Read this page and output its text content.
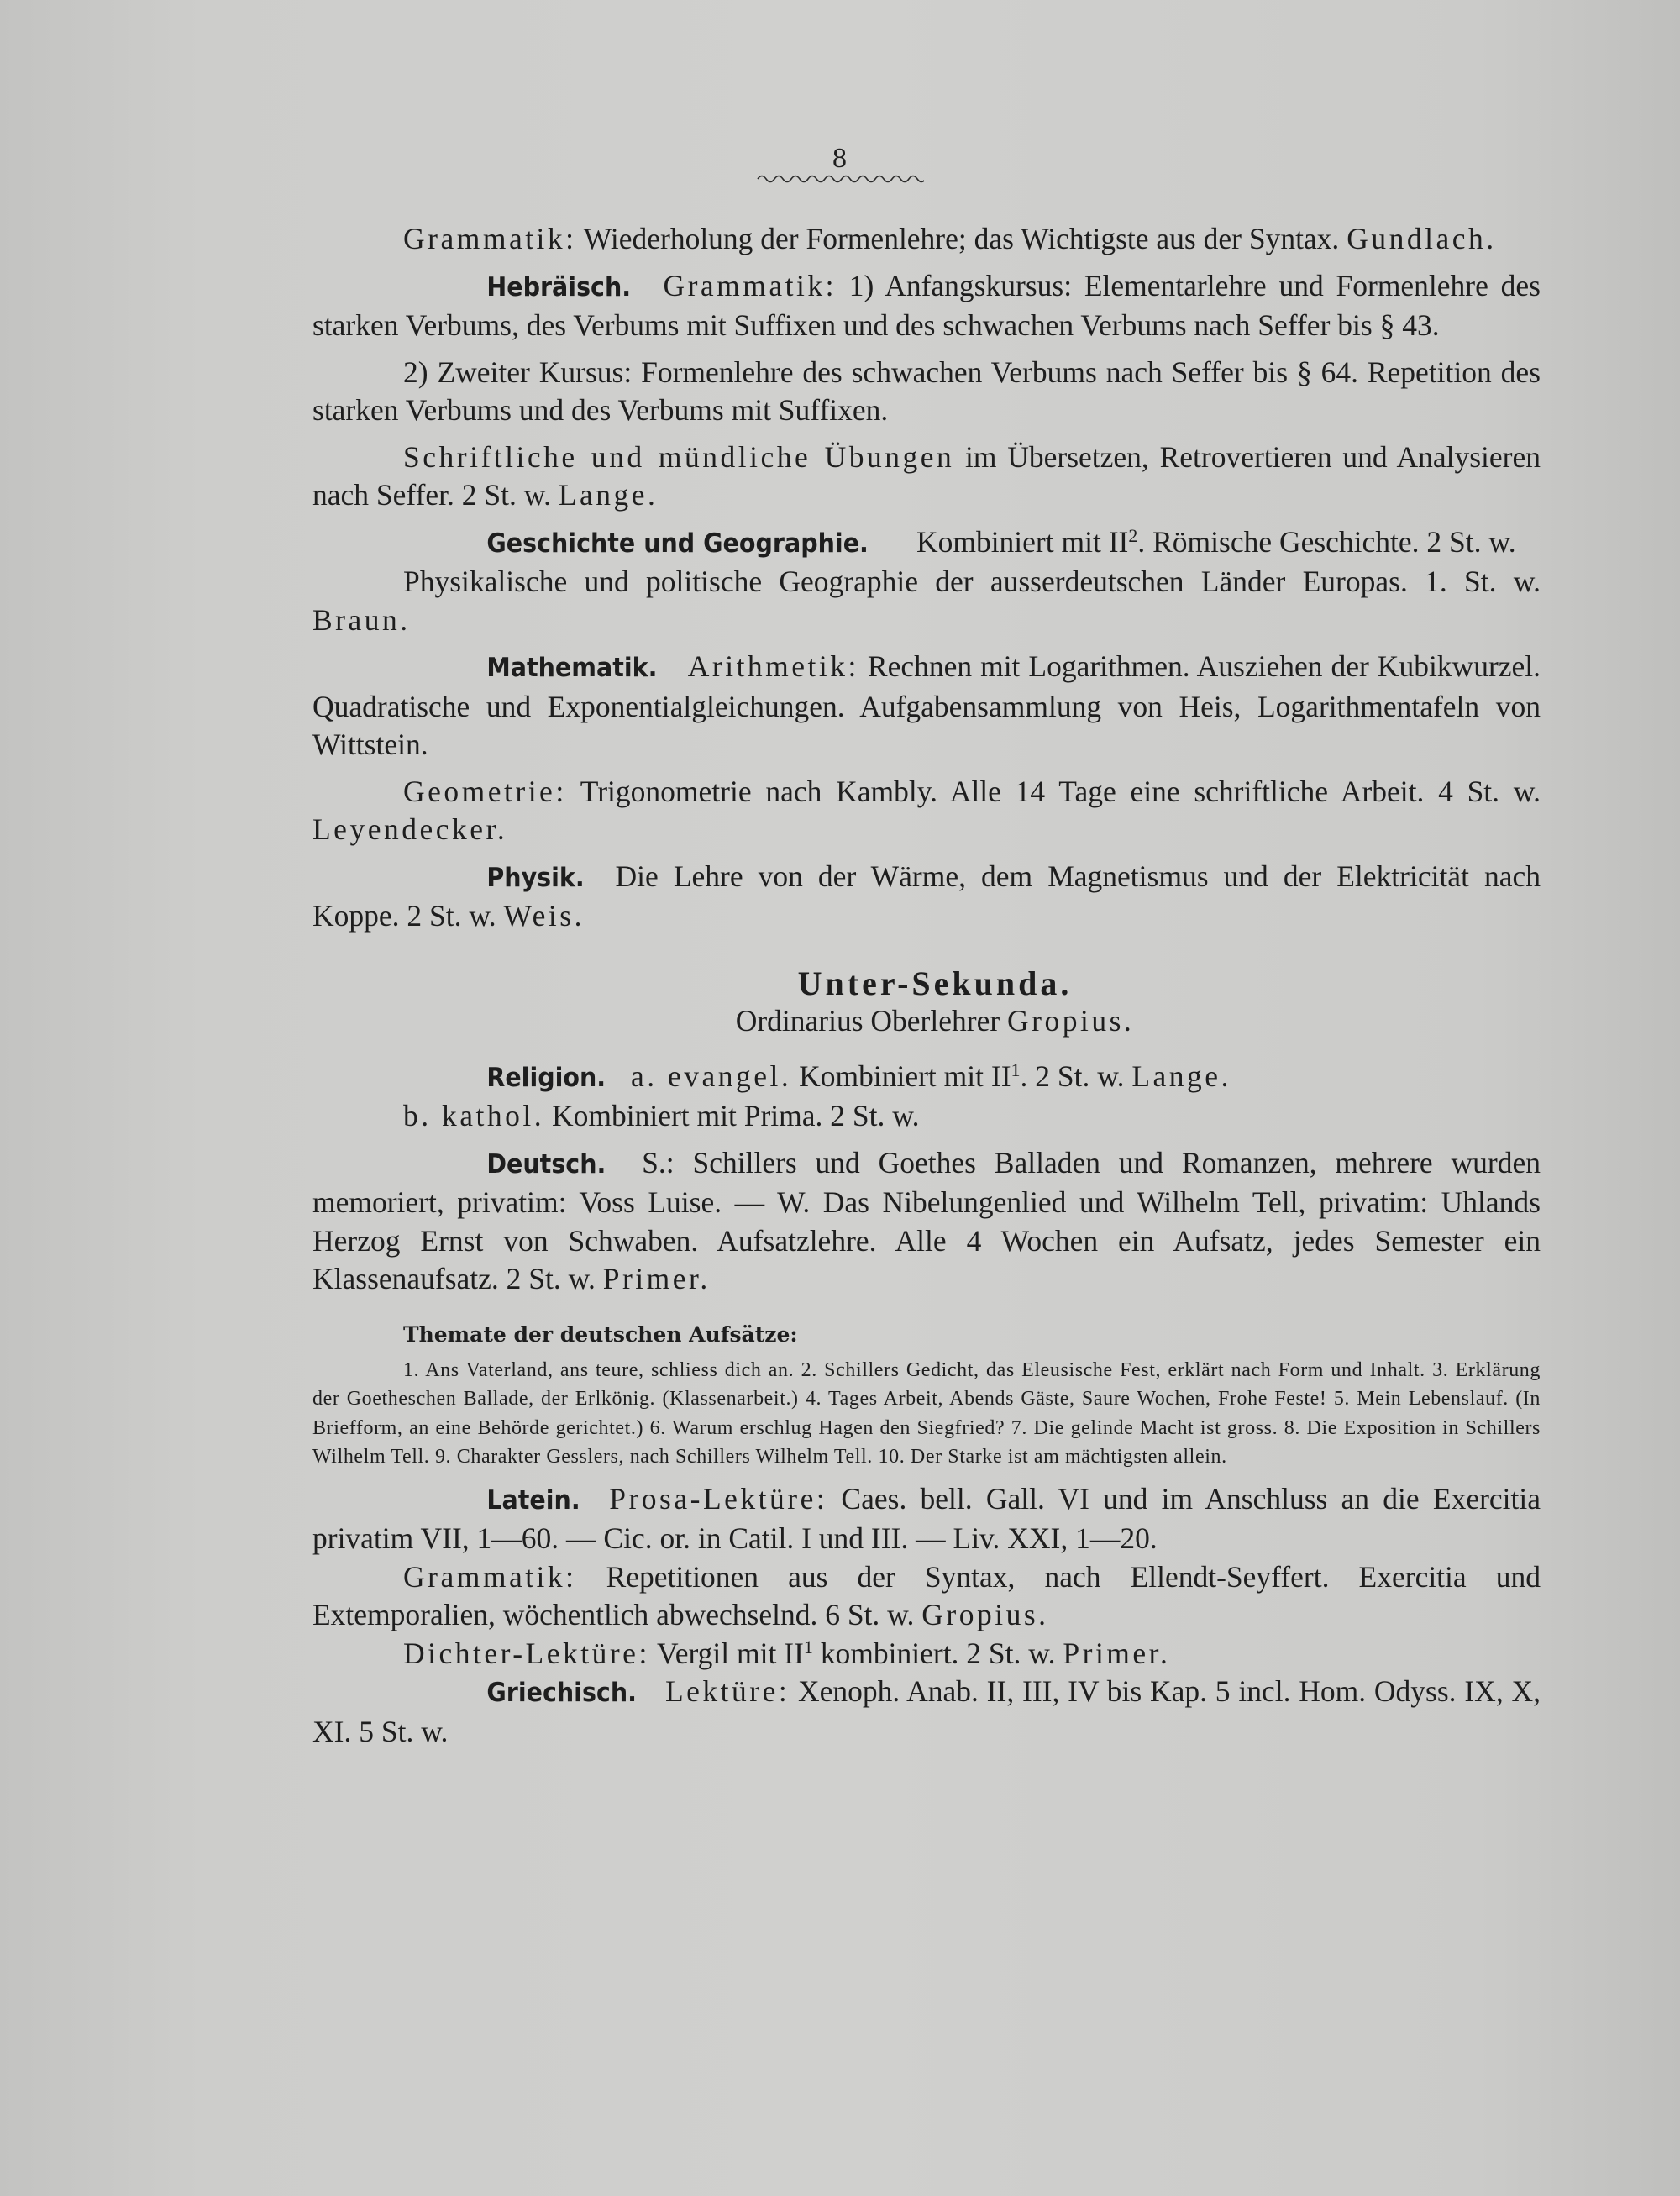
8

Grammatik: Wiederholung der Formenlehre; das Wichtigste aus der Syntax. Gundlach.

Hebräisch. Grammatik: 1) Anfangskursus: Elementarlehre und Formenlehre des starken Verbums, des Verbums mit Suffixen und des schwachen Verbums nach Seffer bis § 43.

2) Zweiter Kursus: Formenlehre des schwachen Verbums nach Seffer bis § 64. Repetition des starken Verbums und des Verbums mit Suffixen.

Schriftliche und mündliche Übungen im Übersetzen, Retrovertieren und Analysieren nach Seffer. 2 St. w. Lange.

Geschichte und Geographie. Kombiniert mit $II^2$. Römische Geschichte. 2 St. w.

Physikalische und politische Geographie der ausserdeutschen Länder Europas. 1. St. w. Braun.

Mathematik. Arithmetik: Rechnen mit Logarithmen. Ausziehen der Kubikwurzel. Quadratische und Exponentialgleichungen. Aufgabensammlung von Heis, Logarithmentafeln von Wittstein.

Geometrie: Trigonometrie nach Kambly. Alle 14 Tage eine schriftliche Arbeit. 4 St. w. Leyendecker.

Physik. Die Lehre von der Wärme, dem Magnetismus und der Elektricität nach Koppe. 2 St. w. Weis.

Unter-Sekunda.

Ordinarius Oberlehrer Gropius.

Religion. a. evangel. Kombiniert mit $II^1$. 2 St. w. Lange.

b. kathol. Kombiniert mit Prima. 2 St. w.

Deutsch. S.: Schillers und Goethes Balladen und Romanzen, mehrere wurden memoriert, privatim: Voss Luise. — W. Das Nibelungenlied und Wilhelm Tell, privatim: Uhlands Herzog Ernst von Schwaben. Aufsatzlehre. Alle 4 Wochen ein Aufsatz, jedes Semester ein Klassenaufsatz. 2 St. w. Primer.

Themate der deutschen Aufsätze:

1. Ans Vaterland, ans teure, schliess dich an. 2. Schillers Gedicht, das Eleusische Fest, erklärt nach Form und Inhalt. 3. Erklärung der Goetheschen Ballade, der Erlkönig. (Klassenarbeit.) 4. Tages Arbeit, Abends Gäste, Saure Wochen, Frohe Feste! 5. Mein Lebenslauf. (In Briefform, an eine Behörde gerichtet.) 6. Warum erschlug Hagen den Siegfried? 7. Die gelinde Macht ist gross. 8. Die Exposition in Schillers Wilhelm Tell. 9. Charakter Gesslers, nach Schillers Wilhelm Tell. 10. Der Starke ist am mächtigsten allein.

Latein. Prosa-Lektüre: Caes. bell. Gall. VI und im Anschluss an die Exercitia privatim VII, 1—60. — Cic. or. in Catil. I und III. — Liv. XXI, 1—20.

Grammatik: Repetitionen aus der Syntax, nach Ellendt-Seyffert. Exercitia und Extemporalien, wöchentlich abwechselnd. 6 St. w. Gropius.

Dichter-Lektüre: Vergil mit $II^1$ kombiniert. 2 St. w. Primer.

Griechisch. Lektüre: Xenoph. Anab. II, III, IV bis Kap. 5 incl. Hom. Odyss. IX, X, XI. 5 St. w.
